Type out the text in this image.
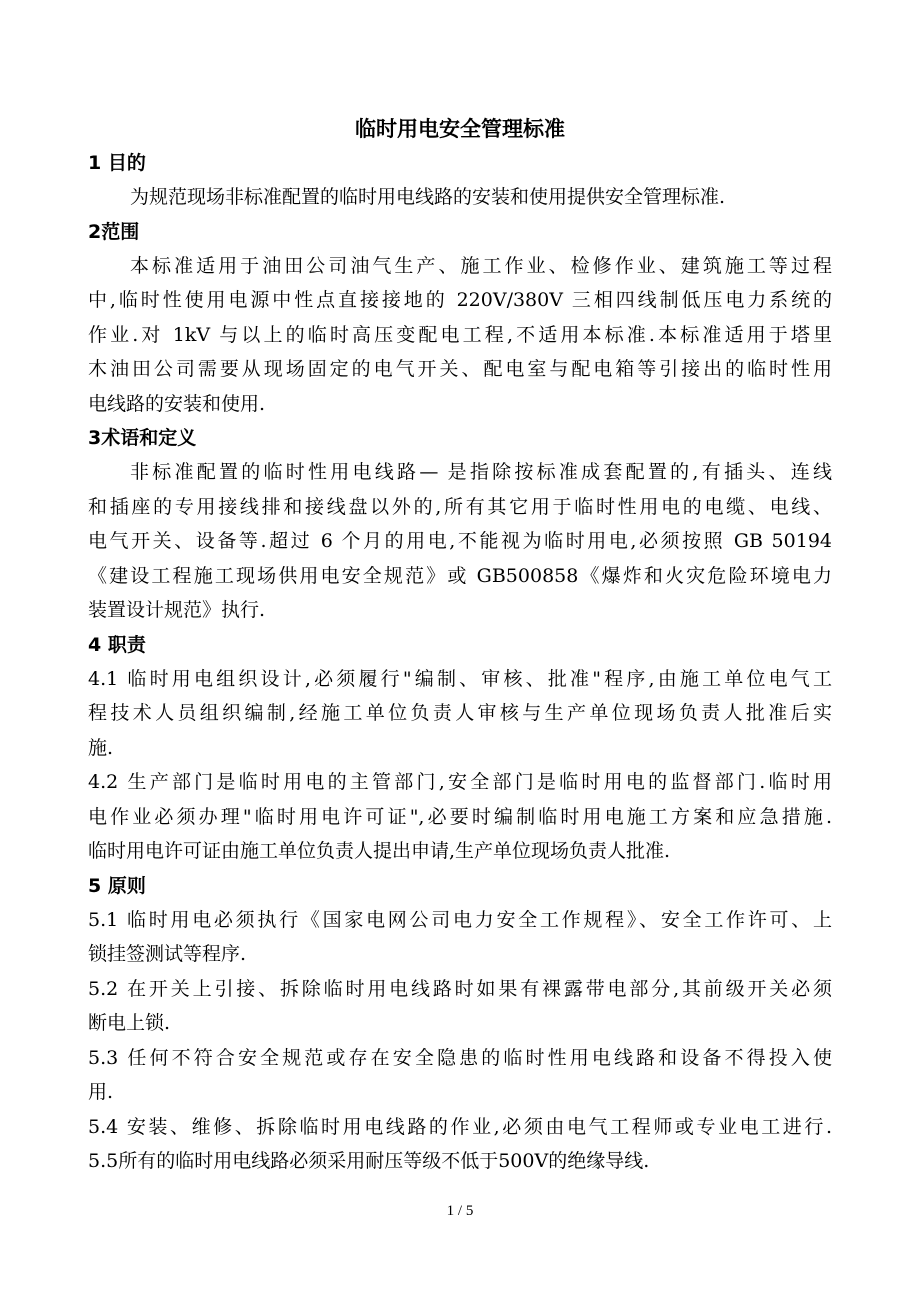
临时用电安全管理标准
1 目的
为规范现场非标准配置的临时用电线路的安装和使用提供安全管理标准.
2范围
本标准适用于油田公司油气生产、施工作业、检修作业、建筑施工等过程
中,临时性使用电源中性点直接接地的 220V/380V 三相四线制低压电力系统的
作业.对 1kV 与以上的临时高压变配电工程,不适用本标准.本标准适用于塔里
木油田公司需要从现场固定的电气开关、配电室与配电箱等引接出的临时性用
电线路的安装和使用.
3术语和定义
非标准配置的临时性用电线路— 是指除按标准成套配置的,有插头、连线
和插座的专用接线排和接线盘以外的,所有其它用于临时性用电的电缆、电线、
电气开关、设备等.超过 6 个月的用电,不能视为临时用电,必须按照 GB 50194
《建设工程施工现场供用电安全规范》或 GB500858《爆炸和火灾危险环境电力
装置设计规范》执行.
4 职责
4.1 临时用电组织设计,必须履行"编制、审核、批准"程序,由施工单位电气工
程技术人员组织编制,经施工单位负责人审核与生产单位现场负责人批准后实
施.
4.2 生产部门是临时用电的主管部门,安全部门是临时用电的监督部门.临时用
电作业必须办理"临时用电许可证",必要时编制临时用电施工方案和应急措施.
临时用电许可证由施工单位负责人提出申请,生产单位现场负责人批准.
5 原则
5.1 临时用电必须执行《国家电网公司电力安全工作规程》、安全工作许可、上
锁挂签测试等程序.
5.2 在开关上引接、拆除临时用电线路时如果有裸露带电部分,其前级开关必须
断电上锁.
5.3 任何不符合安全规范或存在安全隐患的临时性用电线路和设备不得投入使
用.
5.4 安装、维修、拆除临时用电线路的作业,必须由电气工程师或专业电工进行.
5.5所有的临时用电线路必须采用耐压等级不低于500V的绝缘导线.
1 / 5
